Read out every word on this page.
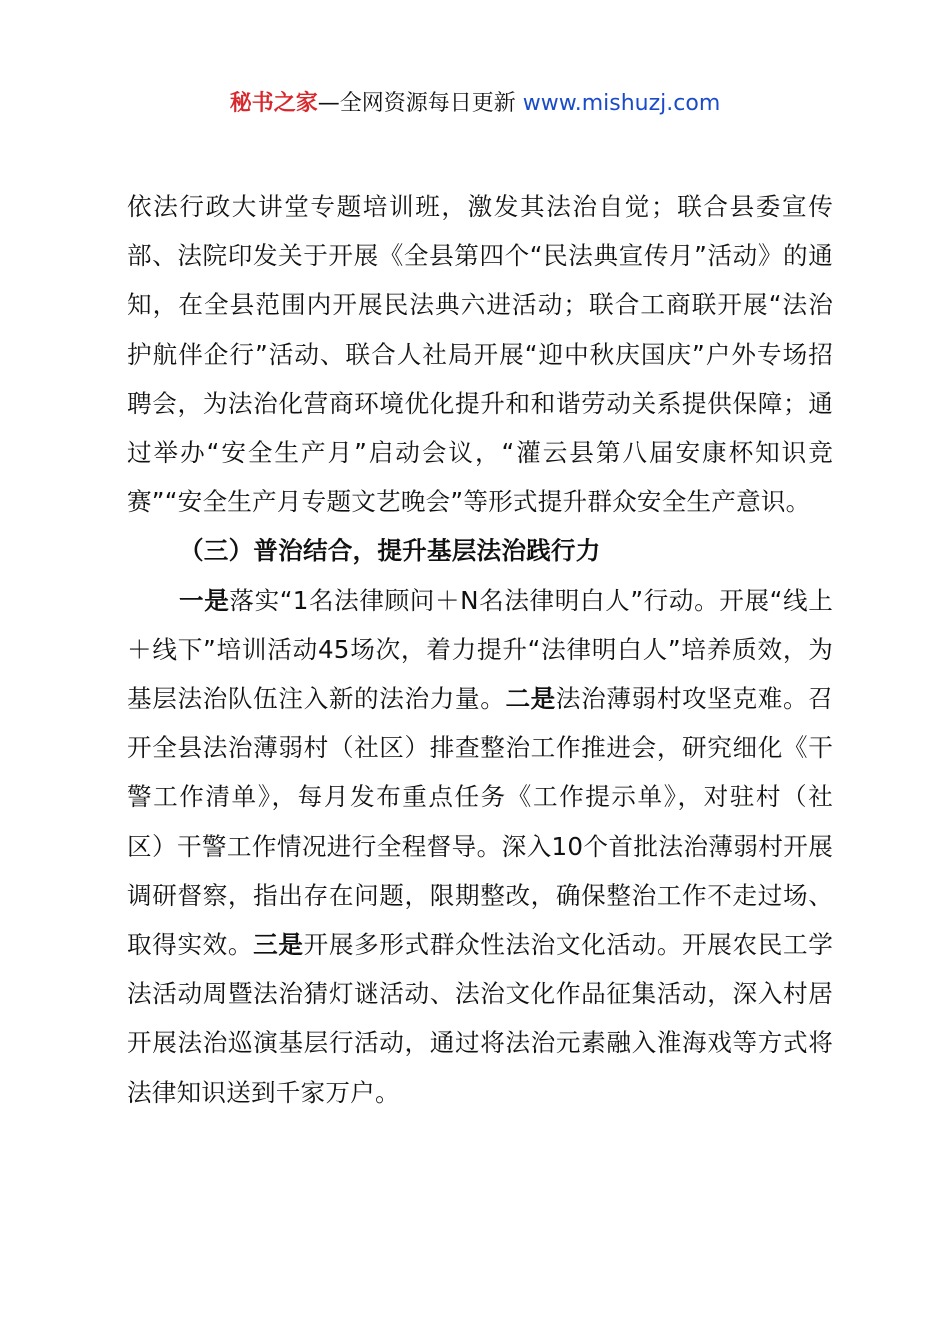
秘书之家—全网资源每日更新 www.mishuzj.com

依法行政大讲堂专题培训班，激发其法治自觉；联合县委宣传部、法院印发关于开展《全县第四个“民法典宣传月”活动》的通知，在全县范围内开展民法典六进活动；联合工商联开展“法治护航伴企行”活动、联合人社局开展“迎中秋庆国庆”户外专场招聘会，为法治化营商环境优化提升和和谐劳动关系提供保障；通过举办“安全生产月”启动会议，“灌云县第八届安康杯知识竞赛”“安全生产月专题文艺晚会”等形式提升群众安全生产意识。

（三）普治结合，提升基层法治践行力

一是落实“1名法律顾问＋N名法律明白人”行动。开展“线上＋线下”培训活动45场次，着力提升“法律明白人”培养质效，为基层法治队伍注入新的法治力量。二是法治薄弱村攻坚克难。召开全县法治薄弱村（社区）排查整治工作推进会，研究细化《干警工作清单》，每月发布重点任务《工作提示单》，对驻村（社区）干警工作情况进行全程督导。深入10个首批法治薄弱村开展调研督察，指出存在问题，限期整改，确保整治工作不走过场、取得实效。三是开展多形式群众性法治文化活动。开展农民工学法活动周暨法治猜灯谜活动、法治文化作品征集活动，深入村居开展法治巡演基层行活动，通过将法治元素融入淮海戏等方式将法律知识送到千家万户。
